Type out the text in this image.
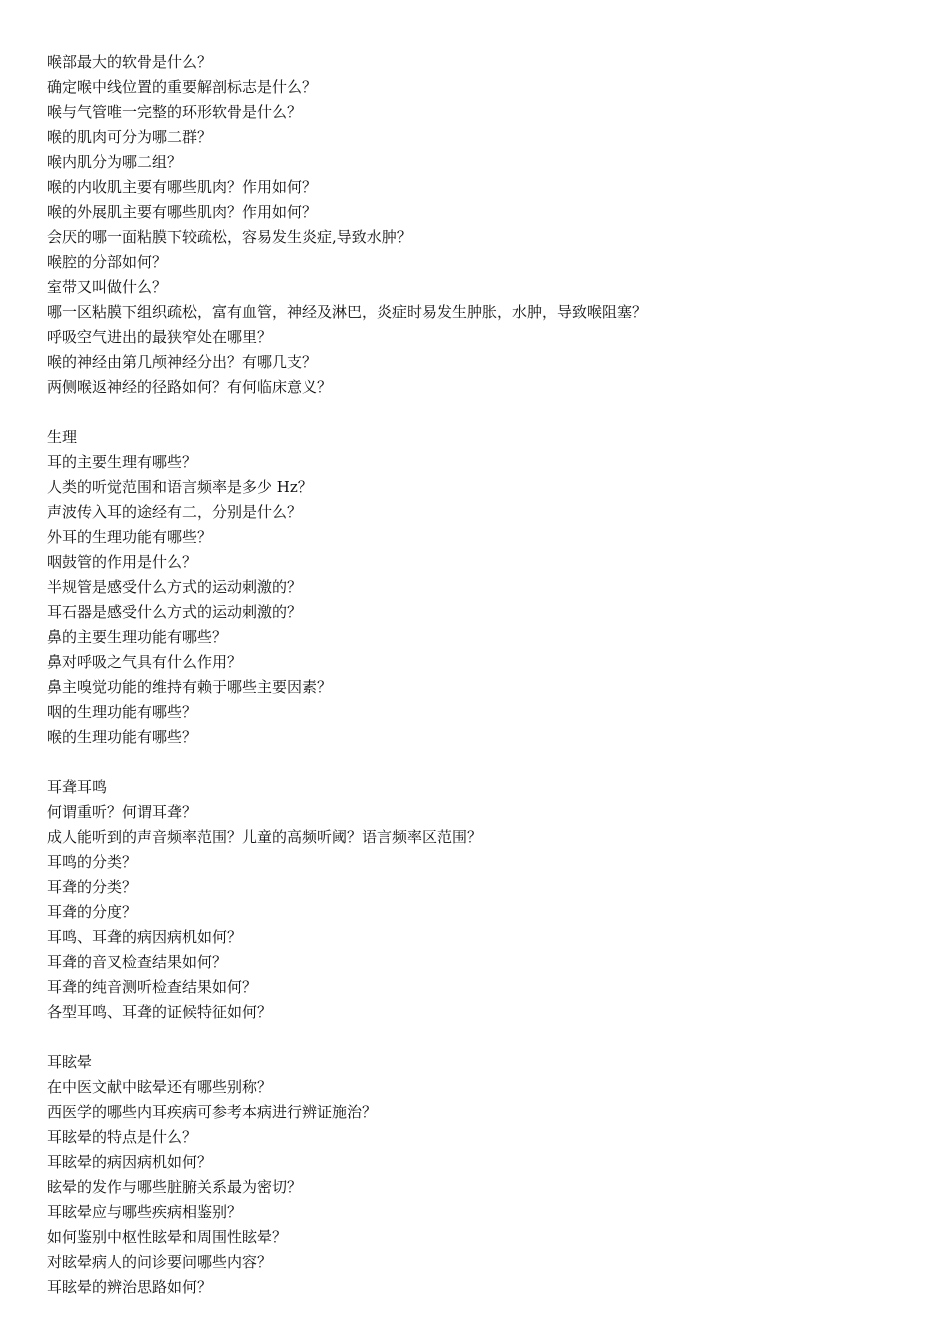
喉部最大的软骨是什么？
确定喉中线位置的重要解剖标志是什么？
喉与气管唯一完整的环形软骨是什么？
喉的肌肉可分为哪二群？
喉内肌分为哪二组？
喉的内收肌主要有哪些肌肉？作用如何？
喉的外展肌主要有哪些肌肉？作用如何？
会厌的哪一面粘膜下较疏松，容易发生炎症,导致水肿？
喉腔的分部如何？
室带又叫做什么？
哪一区粘膜下组织疏松，富有血管，神经及淋巴，炎症时易发生肿胀，水肿，导致喉阻塞？
呼吸空气进出的最狭窄处在哪里？
喉的神经由第几颅神经分出？有哪几支？
两侧喉返神经的径路如何？有何临床意义？
生理
耳的主要生理有哪些？
人类的听觉范围和语言频率是多少 Hz？
声波传入耳的途经有二，分别是什么？
外耳的生理功能有哪些？
咽鼓管的作用是什么？
半规管是感受什么方式的运动刺激的？
耳石器是感受什么方式的运动刺激的？
鼻的主要生理功能有哪些？
鼻对呼吸之气具有什么作用？
鼻主嗅觉功能的维持有赖于哪些主要因素？
咽的生理功能有哪些？
喉的生理功能有哪些？
耳聋耳鸣
何谓重听？何谓耳聋？
成人能听到的声音频率范围？儿童的高频听阈？语言频率区范围？
耳鸣的分类？
耳聋的分类？
耳聋的分度？
耳鸣、耳聋的病因病机如何？
耳聋的音叉检查结果如何？
耳聋的纯音测听检查结果如何？
各型耳鸣、耳聋的证候特征如何？
耳眩晕
在中医文献中眩晕还有哪些别称？
西医学的哪些内耳疾病可参考本病进行辨证施治？
耳眩晕的特点是什么？
耳眩晕的病因病机如何？
眩晕的发作与哪些脏腑关系最为密切？
耳眩晕应与哪些疾病相鉴别？
如何鉴别中枢性眩晕和周围性眩晕？
对眩晕病人的问诊要问哪些内容？
耳眩晕的辨治思路如何？
